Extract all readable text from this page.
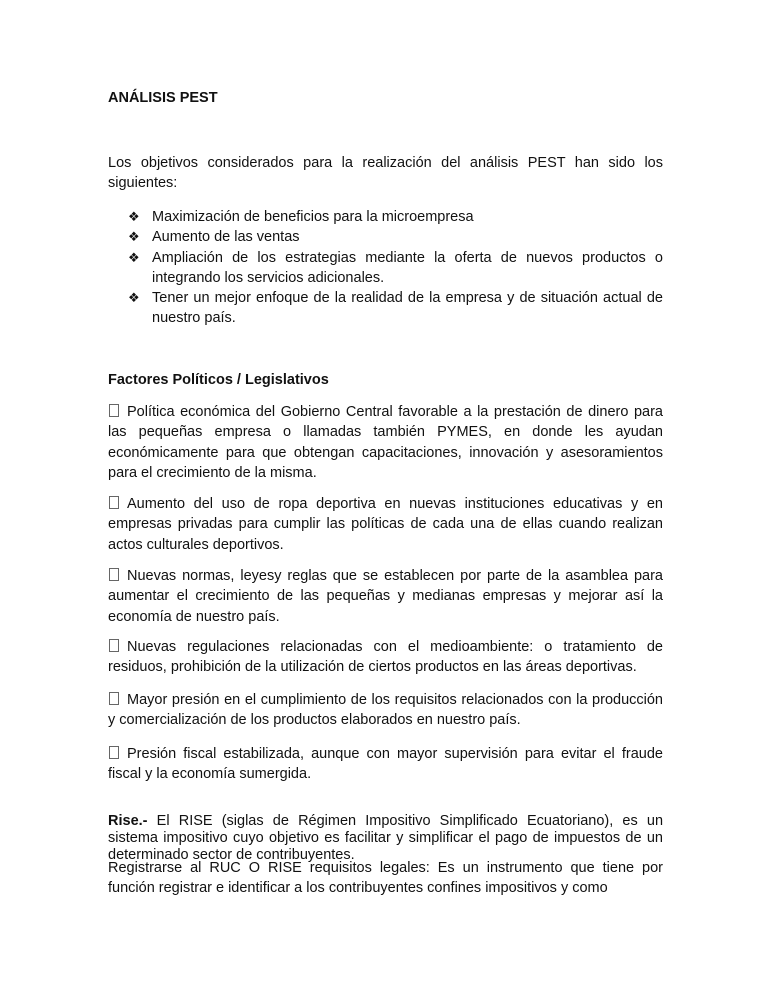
ANÁLISIS PEST

Los objetivos considerados para la realización del análisis PEST han sido los siguientes:

❖ Maximización de beneficios para la microempresa
❖ Aumento de las ventas
❖ Ampliación de los estrategias mediante la oferta de nuevos productos o integrando los servicios adicionales.
❖ Tener un mejor enfoque de la realidad de la empresa y de situación actual de nuestro país.
Factores Políticos / Legislativos

Política económica del Gobierno Central favorable a la prestación de dinero para las pequeñas empresa o llamadas también PYMES, en donde les ayudan económicamente para que obtengan capacitaciones, innovación y asesoramientos para el crecimiento de la misma.

Aumento del uso de ropa deportiva en nuevas instituciones educativas y en empresas privadas para cumplir las políticas de cada una de ellas cuando realizan actos culturales deportivos.

Nuevas normas, leyesy reglas que se establecen por parte de la asamblea para aumentar el crecimiento de las pequeñas y medianas empresas y mejorar así la economía de nuestro país.

Nuevas regulaciones relacionadas con el medioambiente: o tratamiento de residuos, prohibición de la utilización de ciertos productos en las áreas deportivas.

Mayor presión en el cumplimiento de los requisitos relacionados con la producción y comercialización de los productos elaborados en nuestro país.

Presión fiscal estabilizada, aunque con mayor supervisión para evitar el fraude fiscal y la economía sumergida.

Rise.- El RISE (siglas de Régimen Impositivo Simplificado Ecuatoriano), es un sistema impositivo cuyo objetivo es facilitar y simplificar el pago de impuestos de un determinado sector de contribuyentes.

Registrarse al RUC O RISE requisitos legales: Es un instrumento que tiene por función registrar e identificar a los contribuyentes confines impositivos y como
